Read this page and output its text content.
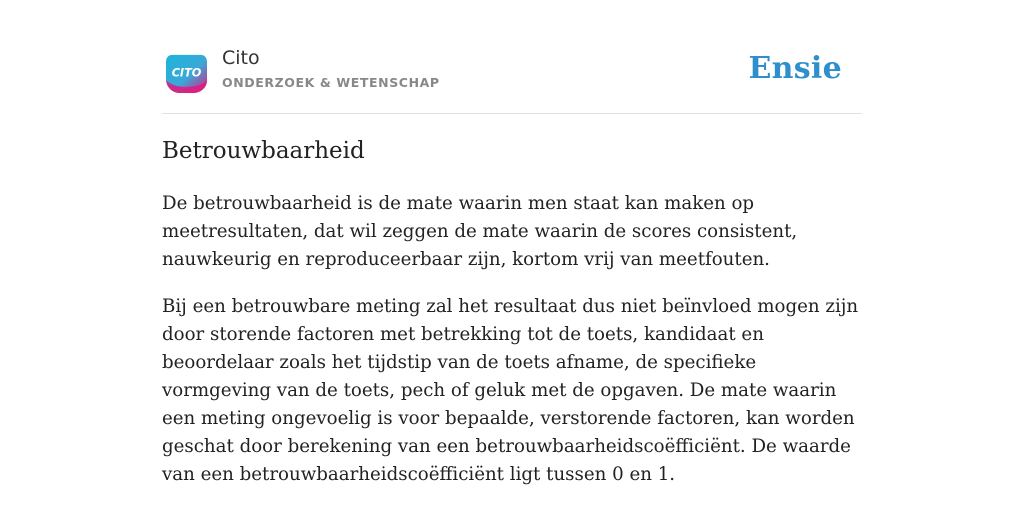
CITO
Cito
ONDERZOEK & WETENSCHAP	Ensie
Betrouwbaarheid

De betrouwbaarheid is de mate waarin men staat kan maken op meetresultaten, dat wil zeggen de mate waarin de scores consistent, nauwkeurig en reproduceerbaar zijn, kortom vrij van meetfouten.

Bij een betrouwbare meting zal het resultaat dus niet beïnvloed mogen zijn door storende factoren met betrekking tot de toets, kandidaat en beoordelaar zoals het tijdstip van de toets afname, de specifieke vormgeving van de toets, pech of geluk met de opgaven. De mate waarin een meting ongevoelig is voor bepaalde, verstorende factoren, kan worden geschat door berekening van een betrouwbaarheidscoëfficiënt. De waarde van een betrouwbaarheidscoëfficiënt ligt tussen 0 en 1.
